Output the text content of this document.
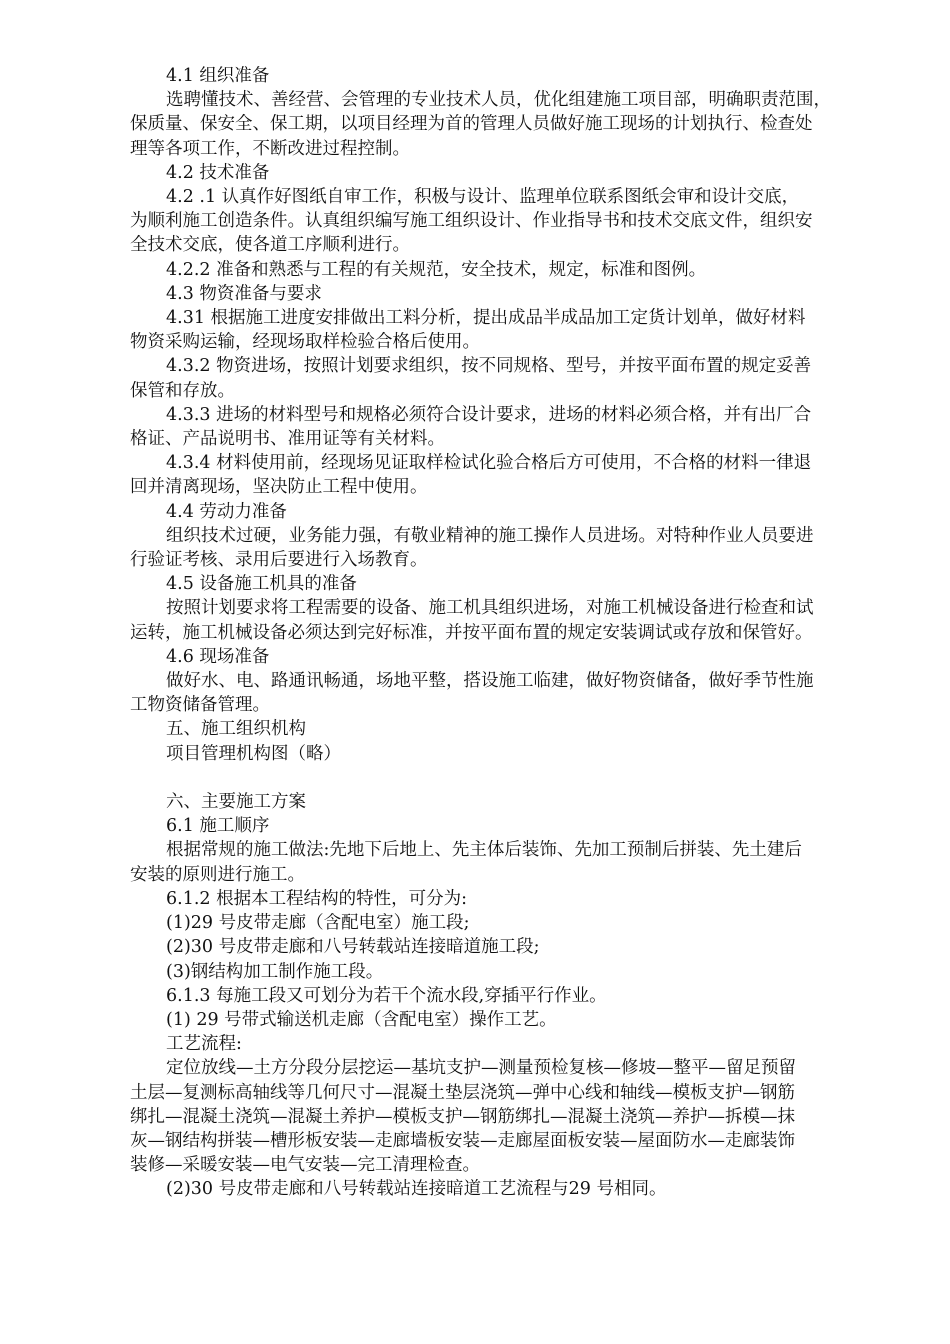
4.1 组织准备

选聘懂技术、善经营、会管理的专业技术人员，优化组建施工项目部，明确职责范围，

保质量、保安全、保工期，以项目经理为首的管理人员做好施工现场的计划执行、检查处

理等各项工作，不断改进过程控制。

4.2 技术准备

4.2 .1 认真作好图纸自审工作，积极与设计、监理单位联系图纸会审和设计交底，

为顺利施工创造条件。认真组织编写施工组织设计、作业指导书和技术交底文件，组织安

全技术交底，使各道工序顺利进行。

4.2.2 准备和熟悉与工程的有关规范，安全技术，规定，标准和图例。

4.3 物资准备与要求

4.31 根据施工进度安排做出工料分析，提出成品半成品加工定货计划单，做好材料

物资采购运输，经现场取样检验合格后使用。

4.3.2 物资进场，按照计划要求组织，按不同规格、型号，并按平面布置的规定妥善

保管和存放。

4.3.3 进场的材料型号和规格必须符合设计要求，进场的材料必须合格，并有出厂合

格证、产品说明书、准用证等有关材料。

4.3.4 材料使用前，经现场见证取样检试化验合格后方可使用，不合格的材料一律退

回并清离现场，坚决防止工程中使用。

4.4 劳动力准备

组织技术过硬，业务能力强，有敬业精神的施工操作人员进场。对特种作业人员要进

行验证考核、录用后要进行入场教育。

4.5 设备施工机具的准备

按照计划要求将工程需要的设备、施工机具组织进场，对施工机械设备进行检查和试

运转，施工机械设备必须达到完好标准，并按平面布置的规定安装调试或存放和保管好。

4.6 现场准备

做好水、电、路通讯畅通，场地平整，搭设施工临建，做好物资储备，做好季节性施

工物资储备管理。

五、施工组织机构

项目管理机构图（略）

六、主要施工方案

6.1 施工顺序

根据常规的施工做法:先地下后地上、先主体后装饰、先加工预制后拼装、先土建后

安装的原则进行施工。

6.1.2 根据本工程结构的特性，可分为:

(1)29 号皮带走廊（含配电室）施工段;

(2)30 号皮带走廊和八号转载站连接暗道施工段;

(3)钢结构加工制作施工段。

6.1.3 每施工段又可划分为若干个流水段,穿插平行作业。

(1) 29 号带式输送机走廊（含配电室）操作工艺。

工艺流程:

定位放线—土方分段分层挖运—基坑支护—测量预检复核—修坡—整平—留足预留

土层—复测标高轴线等几何尺寸—混凝土垫层浇筑—弹中心线和轴线—模板支护—钢筋

绑扎—混凝土浇筑—混凝土养护—模板支护—钢筋绑扎—混凝土浇筑—养护—拆模—抹

灰—钢结构拼装—槽形板安装—走廊墙板安装—走廊屋面板安装—屋面防水—走廊装饰

装修—采暖安装—电气安装—完工清理检查。

(2)30 号皮带走廊和八号转载站连接暗道工艺流程与29 号相同。
